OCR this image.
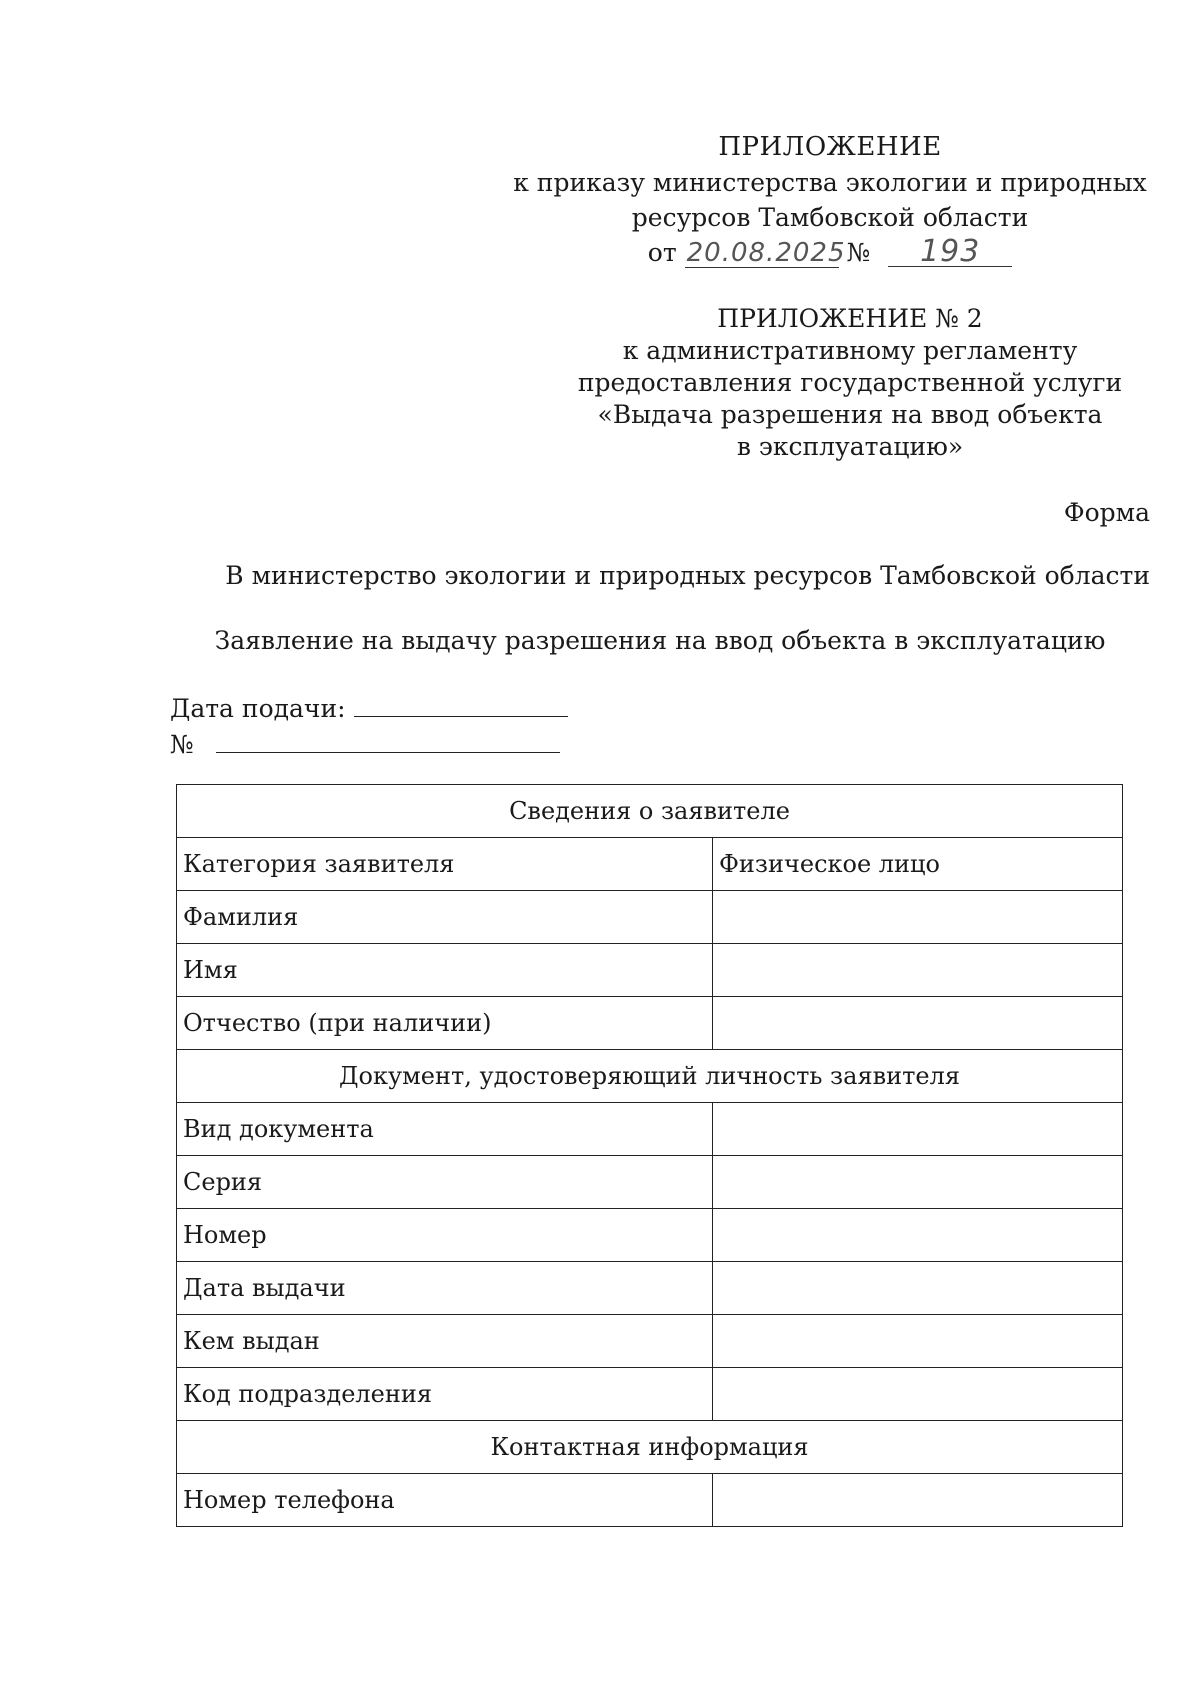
ПРИЛОЖЕНИЕ
к приказу министерства экологии и природных
ресурсов Тамбовской области
от 20.08.2025 № 193
ПРИЛОЖЕНИЕ № 2
к административному регламенту
предоставления государственной услуги
«Выдача разрешения на ввод объекта
в эксплуатацию»
Форма
В министерство экологии и природных ресурсов Тамбовской области
Заявление на выдачу разрешения на ввод объекта в эксплуатацию
Дата подачи:
№
Сведения о заявителе	
Категория заявителя	Физическое лицо
Фамилия	
Имя	
Отчество (при наличии)	
Документ, удостоверяющий личность заявителя	
Вид документа	
Серия	
Номер	
Дата выдачи	
Кем выдан	
Код подразделения	
Контактная информация	
Номер телефона	
